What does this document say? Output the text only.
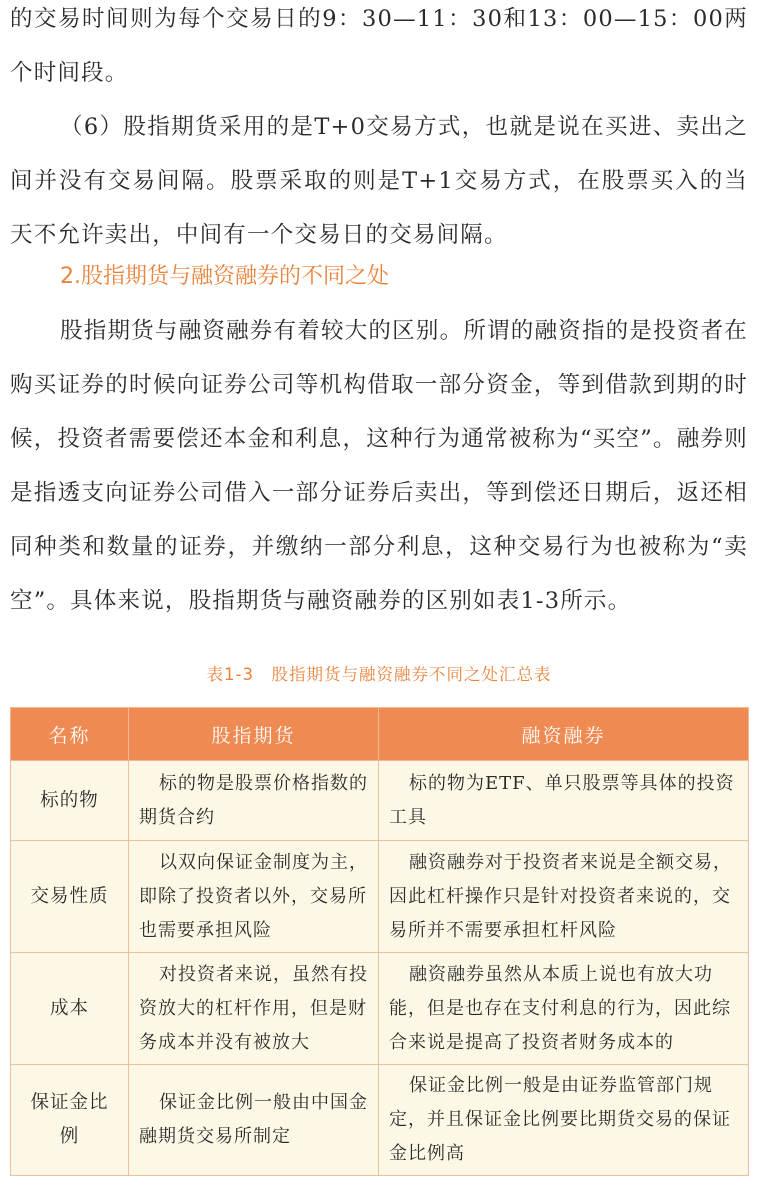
的交易时间则为每个交易日的9：30—11：30和13：00—15：00两个时间段。

（6）股指期货采用的是T+0交易方式，也就是说在买进、卖出之间并没有交易间隔。股票采取的则是T+1交易方式，在股票买入的当天不允许卖出，中间有一个交易日的交易间隔。

2.股指期货与融资融券的不同之处

股指期货与融资融券有着较大的区别。所谓的融资指的是投资者在购买证券的时候向证券公司等机构借取一部分资金，等到借款到期的时候，投资者需要偿还本金和利息，这种行为通常被称为“买空”。融券则是指透支向证券公司借入一部分证券后卖出，等到偿还日期后，返还相同种类和数量的证券，并缴纳一部分利息，这种交易行为也被称为“卖空”。具体来说，股指期货与融资融券的区别如表1-3所示。

表1-3　股指期货与融资融券不同之处汇总表
名称	股指期货	融资融券
标的物	标的物是股票价格指数的期货合约	标的物为ETF、单只股票等具体的投资工具
交易性质	以双向保证金制度为主，即除了投资者以外，交易所也需要承担风险	融资融券对于投资者来说是全额交易，因此杠杆操作只是针对投资者来说的，交易所并不需要承担杠杆风险
成本	对投资者来说，虽然有投资放大的杠杆作用，但是财务成本并没有被放大	融资融券虽然从本质上说也有放大功能，但是也存在支付利息的行为，因此综合来说是提高了投资者财务成本的
保证金比例	保证金比例一般由中国金融期货交易所制定	保证金比例一般是由证券监管部门规定，并且保证金比例要比期货交易的保证金比例高
